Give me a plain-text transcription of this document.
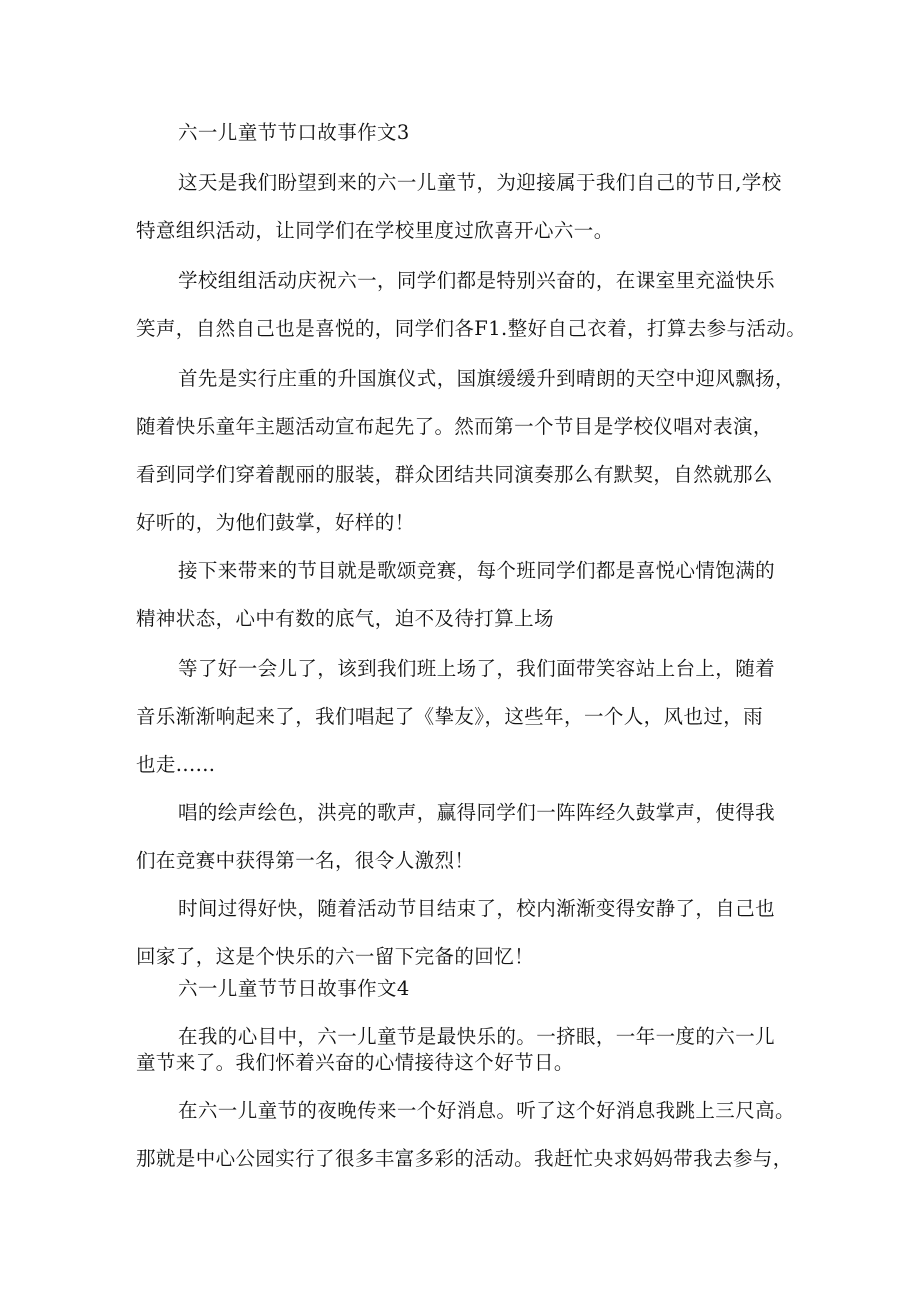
六一儿童节节口故事作文3
这天是我们盼望到来的六一儿童节，为迎接属于我们自己的节日,学校
特意组织活动，让同学们在学校里度过欣喜开心六一。
学校组组活动庆祝六一，同学们都是特别兴奋的，在课室里充溢快乐
笑声，自然自己也是喜悦的，同学们各F1.整好自己衣着，打算去参与活动。
首先是实行庄重的升国旗仪式，国旗缓缓升到晴朗的天空中迎风飘扬，
随着快乐童年主题活动宣布起先了。然而第一个节目是学校仪唱对表演，
看到同学们穿着靓丽的服装，群众团结共同演奏那么有默契，自然就那么
好听的，为他们鼓掌，好样的！
接下来带来的节目就是歌颂竞赛，每个班同学们都是喜悦心情饱满的
精神状态，心中有数的底气，迫不及待打算上场
等了好一会儿了，该到我们班上场了，我们面带笑容站上台上，随着
音乐渐渐响起来了，我们唱起了《挚友》，这些年，一个人，风也过，雨
也走......
唱的绘声绘色，洪亮的歌声，赢得同学们一阵阵经久鼓掌声，使得我
们在竞赛中获得第一名，很令人激烈！
时间过得好快，随着活动节目结束了，校内渐渐变得安静了，自己也
回家了，这是个快乐的六一留下完备的回忆！
六一儿童节节日故事作文4
在我的心目中，六一儿童节是最快乐的。一挤眼，一年一度的六一儿
童节来了。我们怀着兴奋的心情接待这个好节日。
在六一儿童节的夜晚传来一个好消息。听了这个好消息我跳上三尺高。
那就是中心公园实行了很多丰富多彩的活动。我赶忙央求妈妈带我去参与，
